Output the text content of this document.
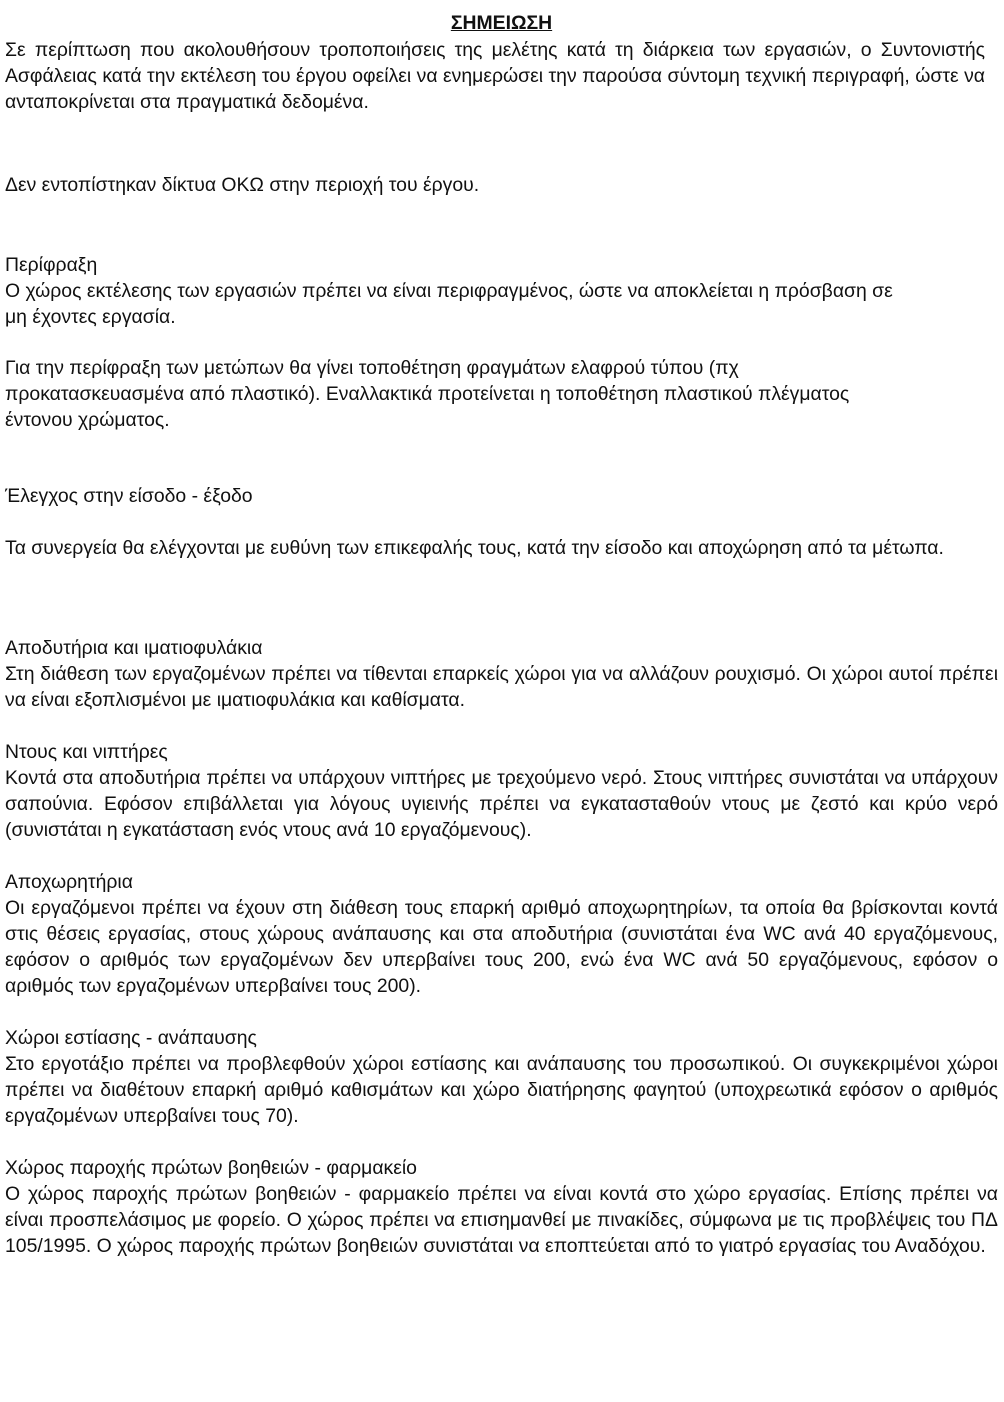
ΣΗΜΕΙΩΣΗ

Σε περίπτωση που ακολουθήσουν τροποποιήσεις της μελέτης κατά τη διάρκεια των εργασιών, ο Συντονιστής Ασφάλειας κατά την εκτέλεση του έργου οφείλει να ενημερώσει την παρούσα σύντομη τεχνική περιγραφή, ώστε να ανταποκρίνεται στα πραγματικά δεδομένα.

Δεν εντοπίστηκαν δίκτυα ΟΚΩ στην περιοχή του έργου.

Περίφραξη

Ο χώρος εκτέλεσης των εργασιών πρέπει να είναι περιφραγμένος, ώστε να αποκλείεται η πρόσβαση σε μη έχοντες εργασία.

Για την περίφραξη των μετώπων θα γίνει τοποθέτηση φραγμάτων ελαφρού τύπου (πχ προκατασκευασμένα από πλαστικό). Εναλλακτικά προτείνεται η τοποθέτηση πλαστικού πλέγματος έντονου χρώματος.

Έλεγχος στην είσοδο - έξοδο

Τα συνεργεία θα ελέγχονται με ευθύνη των επικεφαλής τους, κατά την είσοδο και αποχώρηση από τα μέτωπα.

Αποδυτήρια και ιματιοφυλάκια

Στη διάθεση των εργαζομένων πρέπει να τίθενται επαρκείς χώροι για να αλλάζουν ρουχισμό. Οι χώροι αυτοί πρέπει να είναι εξοπλισμένοι με ιματιοφυλάκια και καθίσματα.

Ντους και νιπτήρες

Κοντά στα αποδυτήρια πρέπει να υπάρχουν νιπτήρες με τρεχούμενο νερό. Στους νιπτήρες συνιστάται να υπάρχουν σαπούνια. Εφόσον επιβάλλεται για λόγους υγιεινής πρέπει να εγκατασταθούν ντους με ζεστό και κρύο νερό (συνιστάται η εγκατάσταση ενός ντους ανά 10 εργαζόμενους).

Αποχωρητήρια

Οι εργαζόμενοι πρέπει να έχουν στη διάθεση τους επαρκή αριθμό αποχωρητηρίων, τα οποία θα βρίσκονται κοντά στις θέσεις εργασίας, στους χώρους ανάπαυσης και στα αποδυτήρια (συνιστάται ένα WC ανά 40 εργαζόμενους, εφόσον ο αριθμός των εργαζομένων δεν υπερβαίνει τους 200, ενώ ένα WC ανά 50 εργαζόμενους, εφόσον ο αριθμός των εργαζομένων υπερβαίνει τους 200).

Χώροι εστίασης - ανάπαυσης

Στο εργοτάξιο πρέπει να προβλεφθούν χώροι εστίασης και ανάπαυσης του προσωπικού. Οι συγκεκριμένοι χώροι πρέπει να διαθέτουν επαρκή αριθμό καθισμάτων και χώρο διατήρησης φαγητού (υποχρεωτικά εφόσον ο αριθμός εργαζομένων υπερβαίνει τους 70).

Χώρος παροχής πρώτων βοηθειών - φαρμακείο

Ο χώρος παροχής πρώτων βοηθειών - φαρμακείο πρέπει να είναι κοντά στο χώρο εργασίας. Επίσης πρέπει να είναι προσπελάσιμος με φορείο. Ο χώρος πρέπει να επισημανθεί με πινακίδες, σύμφωνα με τις προβλέψεις του ΠΔ 105/1995. Ο χώρος παροχής πρώτων βοηθειών συνιστάται να εποπτεύεται από το γιατρό εργασίας του Αναδόχου.
